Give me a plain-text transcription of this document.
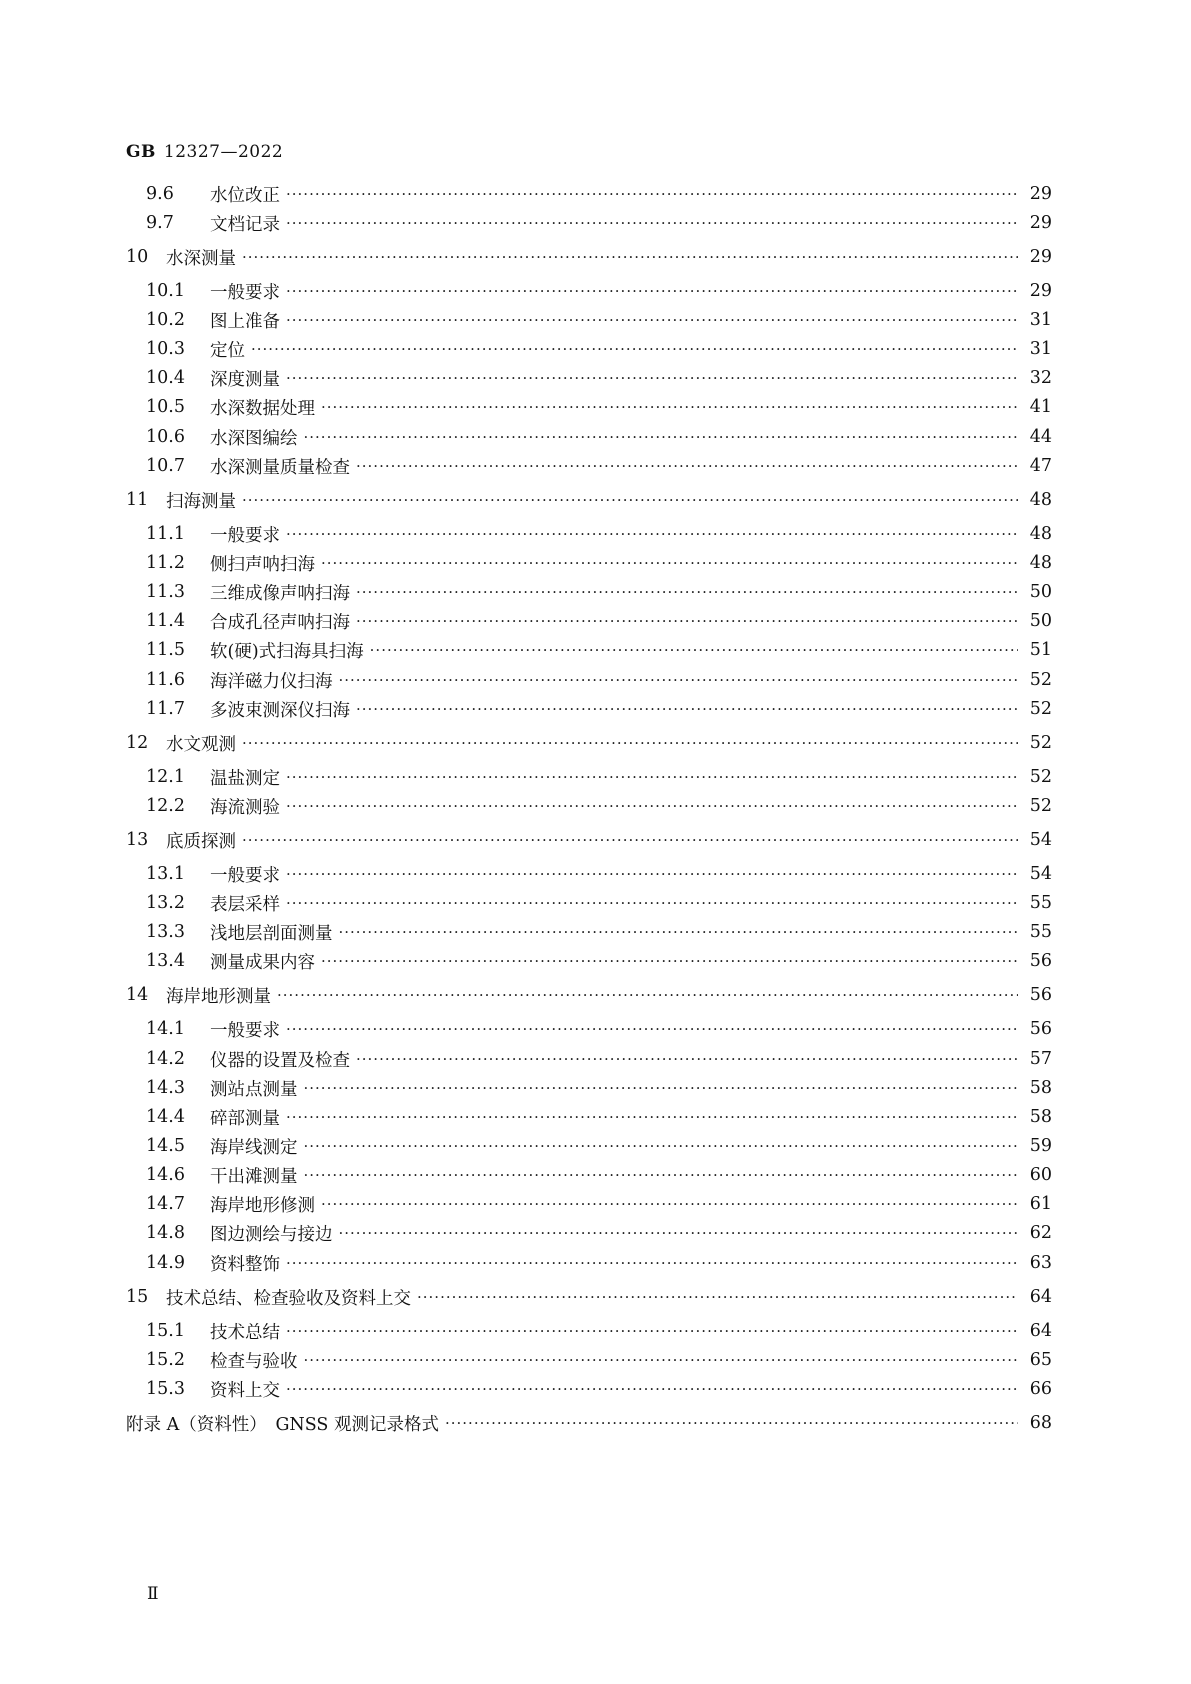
GB 12327—2022
9.6	水位改正 ·····	29
9.7	文档记录 ·····	29
10	水深测量 ·····	29
10.1	一般要求 ·····	29
10.2	图上准备 ·····	31
10.3	定位 ·····	31
10.4	深度测量 ·····	32
10.5	水深数据处理 ·····	41
10.6	水深图编绘 ·····	44
10.7	水深测量质量检查 ·····	47
11	扫海测量 ·····	48
11.1	一般要求 ·····	48
11.2	侧扫声呐扫海 ·····	48
11.3	三维成像声呐扫海 ·····	50
11.4	合成孔径声呐扫海 ·····	50
11.5	软(硬)式扫海具扫海 ·····	51
11.6	海洋磁力仪扫海 ·····	52
11.7	多波束测深仪扫海 ·····	52
12	水文观测 ·····	52
12.1	温盐测定 ·····	52
12.2	海流测验 ·····	52
13	底质探测 ·····	54
13.1	一般要求 ·····	54
13.2	表层采样 ·····	55
13.3	浅地层剖面测量 ·····	55
13.4	测量成果内容 ·····	56
14	海岸地形测量 ·····	56
14.1	一般要求 ·····	56
14.2	仪器的设置及检查 ·····	57
14.3	测站点测量 ·····	58
14.4	碎部测量 ·····	58
14.5	海岸线测定 ·····	59
14.6	干出滩测量 ·····	60
14.7	海岸地形修测 ·····	61
14.8	图边测绘与接边 ·····	62
14.9	资料整饰 ·····	63
15	技术总结、检查验收及资料上交 ·····	64
15.1	技术总结 ·····	64
15.2	检查与验收 ·····	65
15.3	资料上交 ·····	66
附录 A（资料性）　GNSS 观测记录格式 ·····	68
Ⅱ
